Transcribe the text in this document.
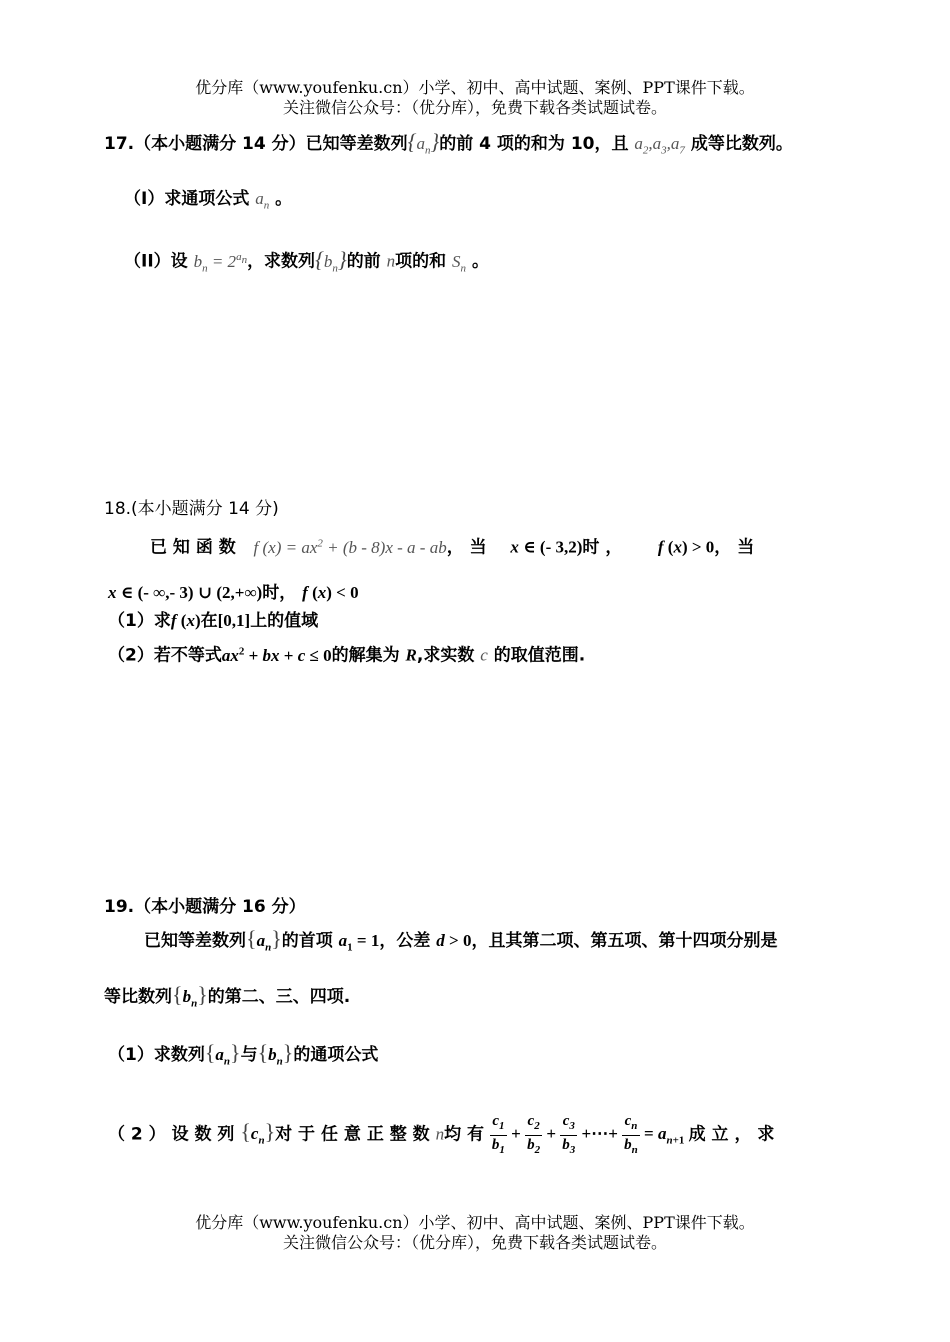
优分库（www.youfenku.cn）小学、初中、高中试题、案例、PPT课件下载。
关注微信公众号：（优分库），免费下载各类试题试卷。
17.（本小题满分 14 分）已知等差数列$\{a_n\}$的前 4 项的和为 10，且 $a_2,a_3,a_7$ 成等比数列。
（I）求通项公式 $a_n$ 。
（II）设 $b_n = 2^{a_n}$，求数列$\{b_n\}$的前 n项的和 $S_n$ 。
18.(本小题满分 14 分)
已 知 函 数 f $(x) = ax^2 + (b - 8)x - a$ - ab， 当 x ∈ (- 3,2)时 ， f (x) > 0， 当
x ∈ (- ∞,- 3) ∪ (2,+∞)时， f (x) < 0
（1）求f (x)在[0,1]上的值域
（2）若不等式$ax^2$ + bx + c ≤ 0的解集为 R,求实数 c 的取值范围.
19.（本小题满分 16 分）
已知等差数列$\{a_n\}$的首项 $a_1 = 1$，公差 d > 0，且其第二项、第五项、第十四项分别是
等比数列$\{b_n\}$的第二、三、四项.
（1）求数列$\{a_n\}$与$\{b_n\}$的通项公式
（ 2 ） 设 数 列 $\{c_n\}$对 于 任 意 正 整 数 n均 有 $\frac{c_1}{b_1} + \frac{c_2}{b_2} + \frac{c_3}{b_3}$ +⋯+ $\frac{c_n}{b_n} = a_{n+1}$ 成 立 ， 求
优分库（www.youfenku.cn）小学、初中、高中试题、案例、PPT课件下载。
关注微信公众号：（优分库），免费下载各类试题试卷。
